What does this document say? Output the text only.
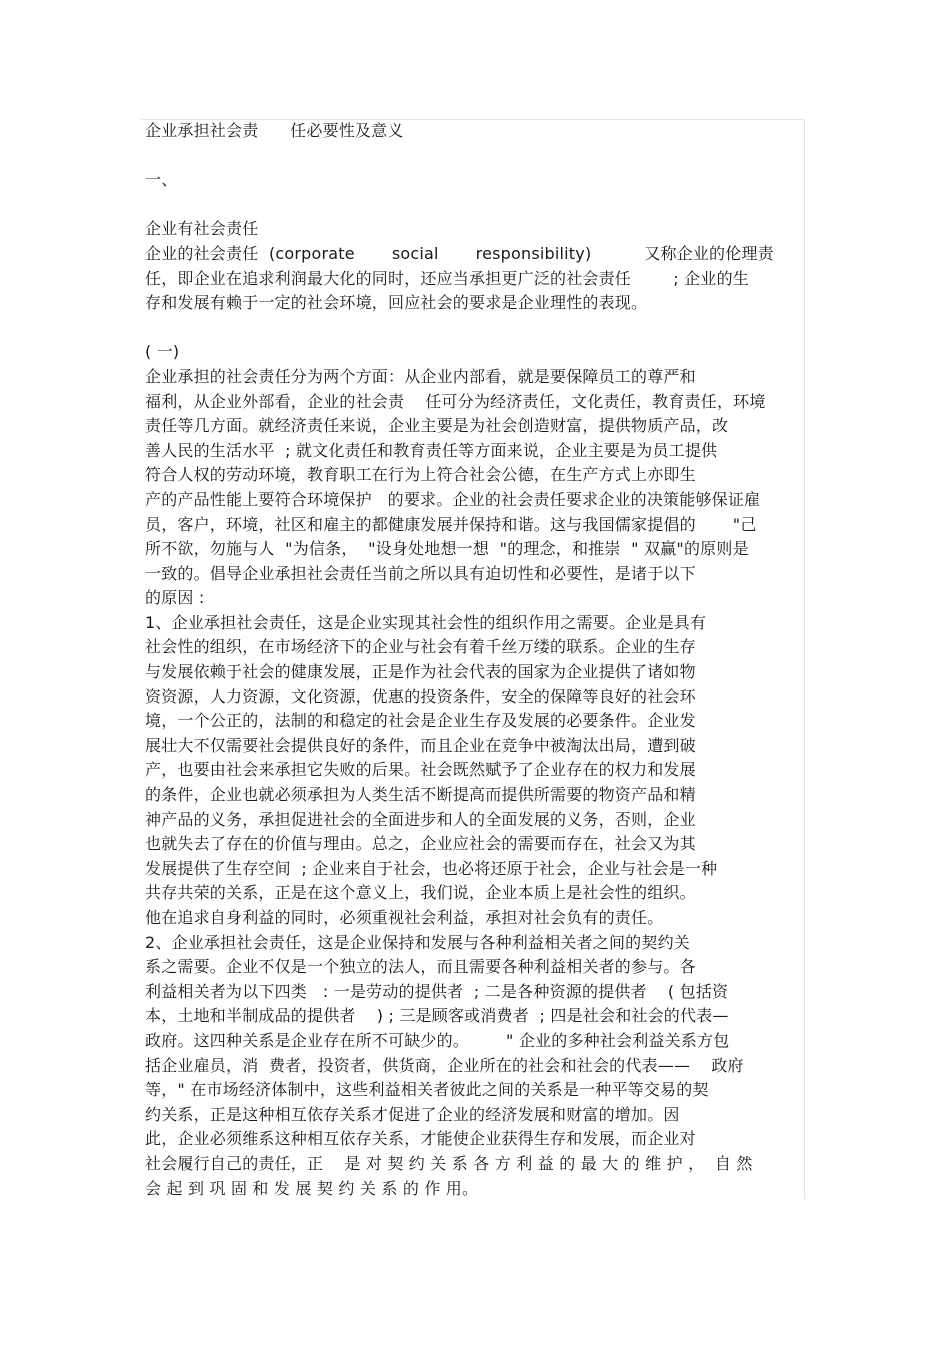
企业承担社会责      任必要性及意义
一、
企业有社会责任
企业的社会责任  (corporate       social       responsibility)          又称企业的伦理责
任，即企业在追求利润最大化的同时，还应当承担更广泛的社会责任        ; 企业的生
存和发展有赖于一定的社会环境，回应社会的要求是企业理性的表现。
( 一)
企业承担的社会责任分为两个方面：从企业内部看，就是要保障员工的尊严和
福利，从企业外部看，企业的社会责    任可分为经济责任，文化责任，教育责任，环境
责任等几方面。就经济责任来说，企业主要是为社会创造财富，提供物质产品，改
善人民的生活水平  ; 就文化责任和教育责任等方面来说，企业主要是为员工提供
符合人权的劳动环境，教育职工在行为上符合社会公德，在生产方式上亦即生
产的产品性能上要符合环境保护   的要求。企业的社会责任要求企业的决策能够保证雇
员，客户，环境，社区和雇主的都健康发展并保持和谐。这与我国儒家提倡的       "己
所不欲，勿施与人  "为信条，  "设身处地想一想  "的理念，和推崇  " 双赢"的原则是
一致的。倡导企业承担社会责任当前之所以具有迫切性和必要性，是诸于以下
的原因 :
1、企业承担社会责任，这是企业实现其社会性的组织作用之需要。企业是具有
社会性的组织，在市场经济下的企业与社会有着千丝万缕的联系。企业的生存
与发展依赖于社会的健康发展，正是作为社会代表的国家为企业提供了诸如物
资资源，人力资源，文化资源，优惠的投资条件，安全的保障等良好的社会环
境，一个公正的，法制的和稳定的社会是企业生存及发展的必要条件。企业发
展壮大不仅需要社会提供良好的条件，而且企业在竞争中被淘汰出局，遭到破
产，也要由社会来承担它失败的后果。社会既然赋予了企业存在的权力和发展
的条件，企业也就必须承担为人类生活不断提高而提供所需要的物资产品和精
神产品的义务，承担促进社会的全面进步和人的全面发展的义务，否则，企业
也就失去了存在的价值与理由。总之，企业应社会的需要而存在，社会又为其
发展提供了生存空间  ; 企业来自于社会，也必将还原于社会，企业与社会是一种
共存共荣的关系，正是在这个意义上，我们说，企业本质上是社会性的组织。
他在追求自身利益的同时，必须重视社会利益，承担对社会负有的责任。
2、企业承担社会责任，这是企业保持和发展与各种利益相关者之间的契约关
系之需要。企业不仅是一个独立的法人，而且需要各种利益相关者的参与。各
利益相关者为以下四类   : 一是劳动的提供者  ; 二是各种资源的提供者    ( 包括资
本，土地和半制成品的提供者    ) ; 三是顾客或消费者  ; 四是社会和社会的代表—
政府。这四种关系是企业存在所不可缺少的。       " 企业的多种社会利益关系方包
括企业雇员，消  费者，投资者，供货商，企业所在的社会和社会的代表——    政府
等，" 在市场经济体制中，这些利益相关者彼此之间的关系是一种平等交易的契
约关系，正是这种相互依存关系才促进了企业的经济发展和财富的增加。因
此，企业必须维系这种相互依存关系，才能使企业获得生存和发展，而企业对
社会履行自己的责任，正    是 对 契 约 关 系 各 方 利 益 的 最 大 的 维 护 ，  自 然
会 起 到 巩 固 和 发 展 契 约 关 系 的 作 用。
